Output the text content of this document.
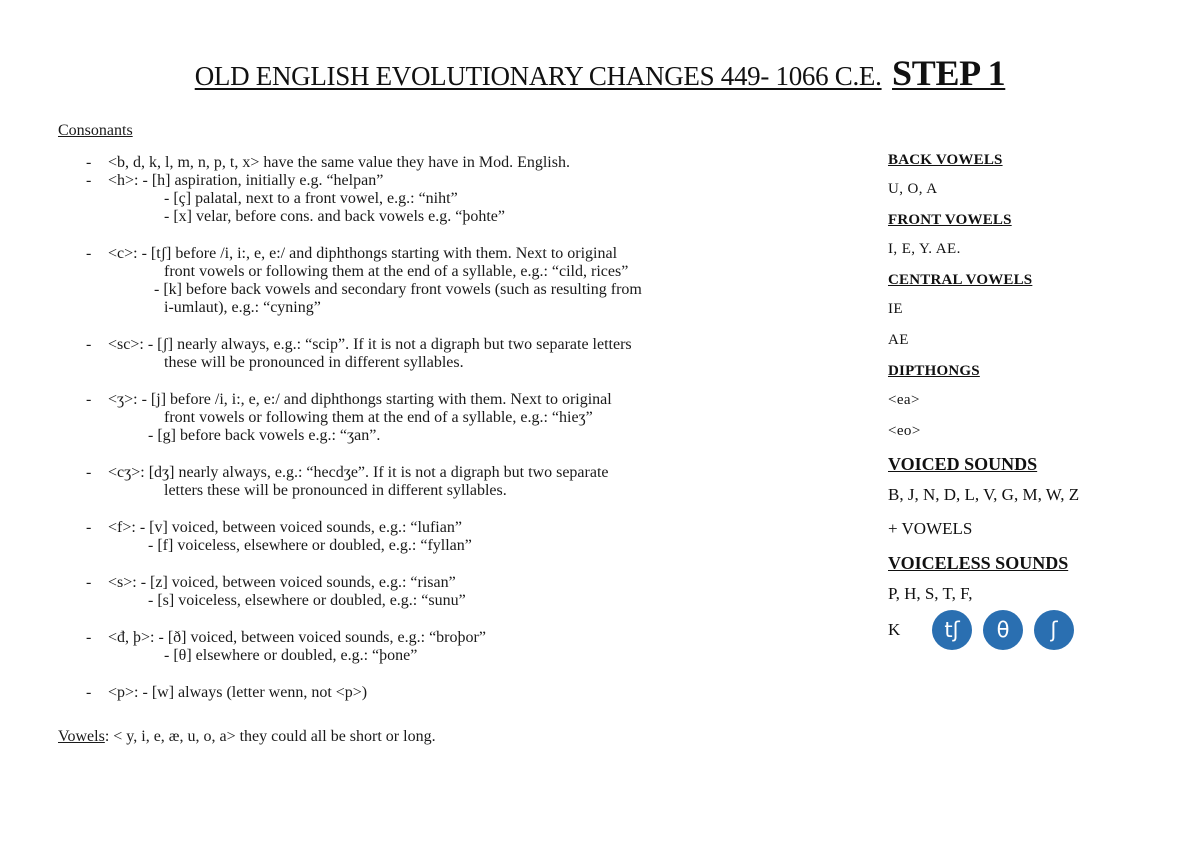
OLD ENGLISH EVOLUTIONARY CHANGES 449- 1066 C.E. STEP 1
Consonants
-	<b, d, k, l, m, n, p, t, x> have the same value they have in Mod. English.
-	<h>: - [h] aspiration, initially e.g. “helpan”
- [ç] palatal, next to a front vowel, e.g.: “niht”
- [x] velar, before cons. and back vowels e.g. “þohte”
-	<c>: - [tʃ] before /i, i:, e, e:/ and diphthongs starting with them. Next to original
front vowels or following them at the end of a syllable, e.g.: “cild, rices”
- [k] before back vowels and secondary front vowels (such as resulting from
i-umlaut), e.g.: “cyning”
-	<sc>: - [ʃ] nearly always, e.g.: “scip”. If it is not a digraph but two separate letters
these will be pronounced in different syllables.
-	<ʒ>: - [j] before /i, i:, e, e:/ and diphthongs starting with them. Next to original
front vowels or following them at the end of a syllable, e.g.: “hieʒ”
- [g] before back vowels e.g.: “ʒan”.
-	<cʒ>: [dʒ] nearly always, e.g.: “hecdʒe”. If it is not a digraph but two separate
letters these will be pronounced in different syllables.
-	<f>: - [v] voiced, between voiced sounds, e.g.: “lufian”
- [f] voiceless, elsewhere or doubled, e.g.: “fyllan”
-	<s>: - [z] voiced, between voiced sounds, e.g.: “risan”
- [s] voiceless, elsewhere or doubled, e.g.: “sunu”
-	<đ, þ>: - [ð] voiced, between voiced sounds, e.g.: “broþor”
- [θ] elsewhere or doubled, e.g.: “þone”
-	<p>: - [w] always (letter wenn, not <p>)
Vowels: < y, i, e, æ, u, o, a> they could all be short or long.
BACK VOWELS
U, O, A
FRONT VOWELS
I, E, Y. AE.
CENTRAL VOWELS
IE
AE
DIPTHONGS
<ea>
<eo>
VOICED SOUNDS
B, J, N, D, L, V, G, M, W, Z
+ VOWELS
VOICELESS SOUNDS
P, H, S, T, F,
K	tʃ	θ	ʃ
